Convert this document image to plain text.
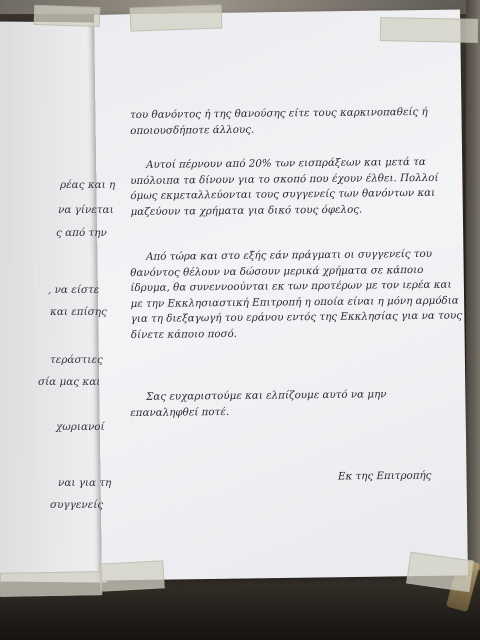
ρέας και η
να γίνεται
ς από την
, να είστε
και επίσης
τεράστιες
σία μας και
χωριανοί
ναι για τη
συγγενείς
του θανόντος ή της θανούσης είτε τους καρκινοπαθείς ή
οποιουσδήποτε άλλους.
Αυτοί πέρνουν από 20% των εισπράξεων και μετά τα
υπόλοιπα τα δίνουν για το σκοπό που έχουν έλθει. Πολλοί
όμως εκμεταλλεύονται τους συγγενείς των θανόντων και
μαζεύουν τα χρήματα για δικό τους όφελος.
Από τώρα και στο εξής εάν πράγματι οι συγγενείς του
θανόντος θέλουν να δώσουν μερικά χρήματα σε κάποιο
ίδρυμα, θα συνεννοούνται εκ των προτέρων με τον ιερέα και
με την Εκκλησιαστική Επιτροπή η οποία είναι η μόνη αρμόδια
για τη διεξαγωγή του εράνου εντός της Εκκλησίας για να τους
δίνετε κάποιο ποσό.
Σας ευχαριστούμε και ελπίζουμε αυτό να μην
επαναληφθεί ποτέ.
Εκ της Επιτροπής
